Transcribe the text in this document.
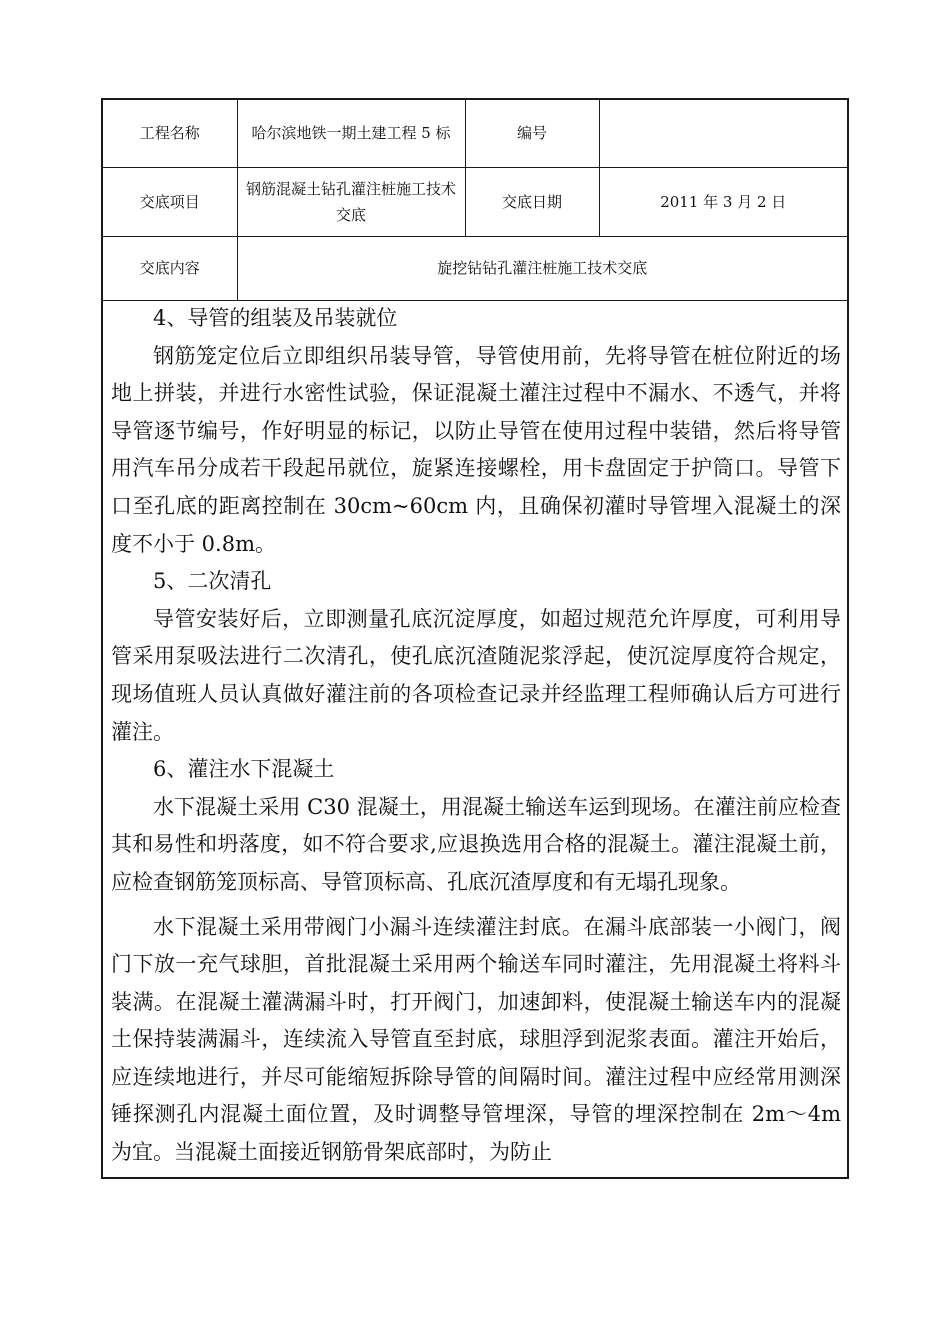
工程名称	哈尔滨地铁一期土建工程 5 标	编号	
交底项目	钢筋混凝土钻孔灌注桩施工技术交底	交底日期	2011 年 3 月 2 日
交底内容	旋挖钻钻孔灌注桩施工技术交底		

4、导管的组装及吊装就位

钢筋笼定位后立即组织吊装导管，导管使用前，先将导管在桩位附近的场地上拼装，并进行水密性试验，保证混凝土灌注过程中不漏水、不透气，并将导管逐节编号，作好明显的标记，以防止导管在使用过程中装错，然后将导管用汽车吊分成若干段起吊就位，旋紧连接螺栓，用卡盘固定于护筒口。导管下口至孔底的距离控制在 30cm~60cm 内，且确保初灌时导管埋入混凝土的深度不小于 0.8m。

5、二次清孔

导管安装好后，立即测量孔底沉淀厚度，如超过规范允许厚度，可利用导管采用泵吸法进行二次清孔，使孔底沉渣随泥浆浮起，使沉淀厚度符合规定，现场值班人员认真做好灌注前的各项检查记录并经监理工程师确认后方可进行灌注。

6、灌注水下混凝土

水下混凝土采用 C30 混凝土，用混凝土输送车运到现场。在灌注前应检查其和易性和坍落度，如不符合要求,应退换选用合格的混凝土。灌注混凝土前，应检查钢筋笼顶标高、导管顶标高、孔底沉渣厚度和有无塌孔现象。

水下混凝土采用带阀门小漏斗连续灌注封底。在漏斗底部装一小阀门，阀门下放一充气球胆，首批混凝土采用两个输送车同时灌注，先用混凝土将料斗装满。在混凝土灌满漏斗时，打开阀门，加速卸料，使混凝土输送车内的混凝土保持装满漏斗，连续流入导管直至封底，球胆浮到泥浆表面。灌注开始后，应连续地进行，并尽可能缩短拆除导管的间隔时间。灌注过程中应经常用测深锤探测孔内混凝土面位置，及时调整导管埋深，导管的埋深控制在 2m～4m 为宜。当混凝土面接近钢筋骨架底部时，为防止
